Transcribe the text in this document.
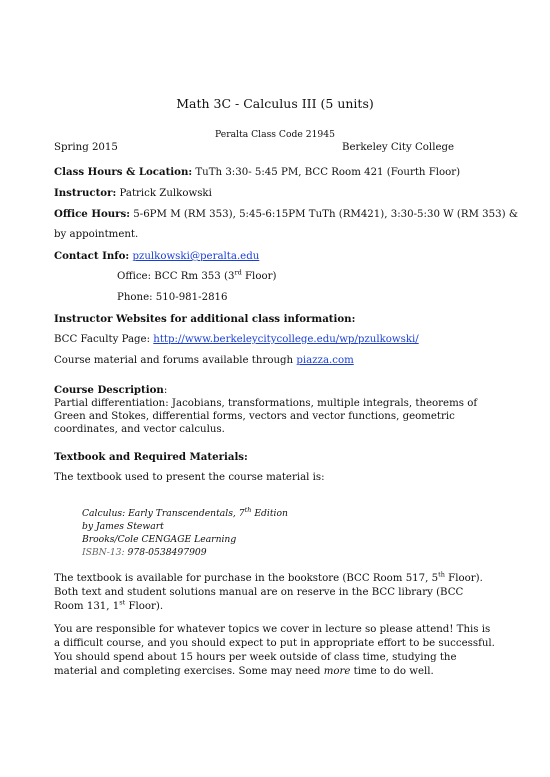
Math 3C - Calculus III (5 units)
Peralta Class Code 21945
Spring 2015	Berkeley City College
Class Hours & Location: TuTh 3:30- 5:45 PM, BCC Room 421 (Fourth Floor)
Instructor: Patrick Zulkowski
Office Hours: 5-6PM M (RM 353), 5:45-6:15PM TuTh (RM421), 3:30-5:30 W (RM 353) &
by appointment.
Contact Info: pzulkowski@peralta.edu
Office: BCC Rm 353 (3rd Floor)
Phone: 510-981-2816
Instructor Websites for additional class information:
BCC Faculty Page: http://www.berkeleycitycollege.edu/wp/pzulkowski/
Course material and forums available through piazza.com
Course Description:
Partial differentiation: Jacobians, transformations, multiple integrals, theorems of Green and Stokes, differential forms, vectors and vector functions, geometric coordinates, and vector calculus.
Textbook and Required Materials:
The textbook used to present the course material is:
Calculus: Early Transcendentals, 7th Edition
by James Stewart
Brooks/Cole CENGAGE Learning
ISBN-13: 978-0538497909
The textbook is available for purchase in the bookstore (BCC Room 517, 5th Floor). Both text and student solutions manual are on reserve in the BCC library (BCC Room 131, 1st Floor).
You are responsible for whatever topics we cover in lecture so please attend! This is a difficult course, and you should expect to put in appropriate effort to be successful. You should spend about 15 hours per week outside of class time, studying the material and completing exercises. Some may need more time to do well.
